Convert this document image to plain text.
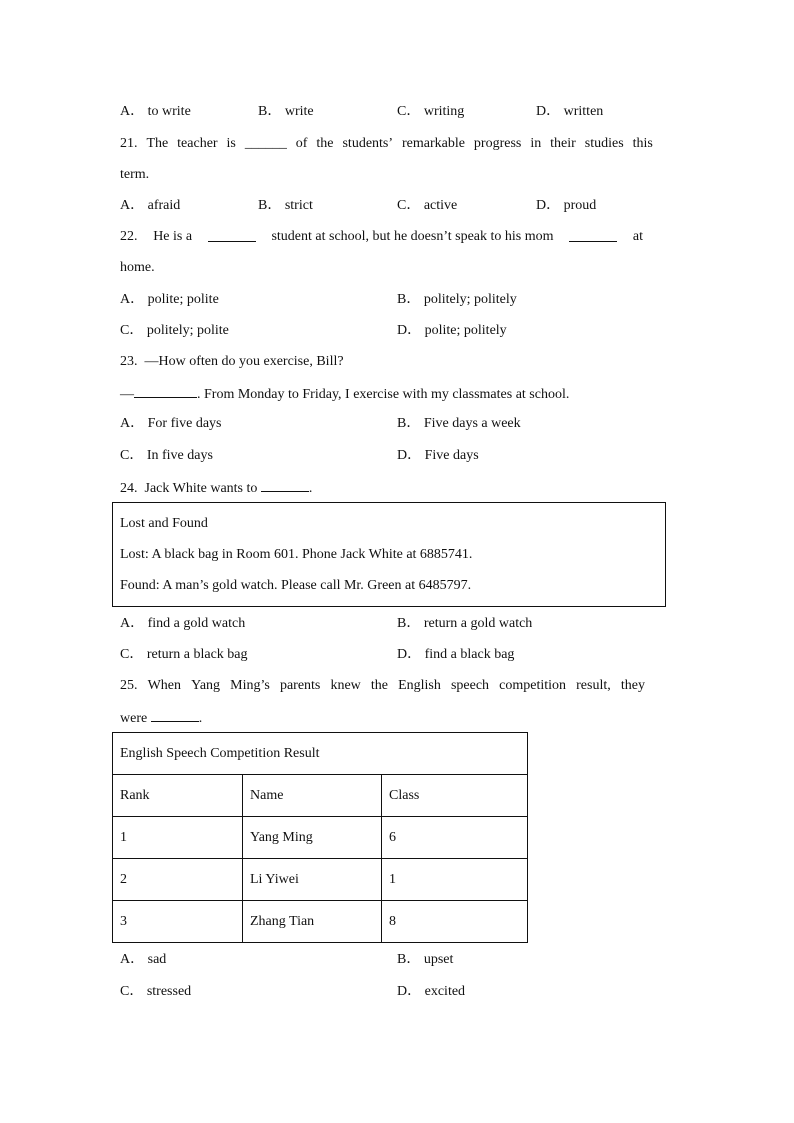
A． to write	B． write	C． writing	D． written
21. The teacher is ______ of the students’ remarkable progress in their studies this
term.
A． afraid	B． strict	C． active	D． proud
22. He is a	student at school, but he doesn’t speak to his mom	at
home.
A． polite; polite	B． politely; politely
C． politely; polite	D． polite; politely
23. —How often do you exercise, Bill?
—	. From Monday to Friday, I exercise with my classmates at school.
A． For five days	B． Five days a week
C． In five days	D． Five days
24. Jack White wants to	.
Lost and Found
Lost: A black bag in Room 601. Phone Jack White at 6885741.
Found: A man’s gold watch. Please call Mr. Green at 6485797.
A． find a gold watch	B． return a gold watch
C． return a black bag	D． find a black bag
25. When Yang Ming’s parents knew the English speech competition result, they
were	.
English Speech Competition Result		
Rank	Name	Class
1	Yang Ming	6
2	Li Yiwei	1
3	Zhang Tian	8
A． sad	B． upset
C． stressed	D． excited
